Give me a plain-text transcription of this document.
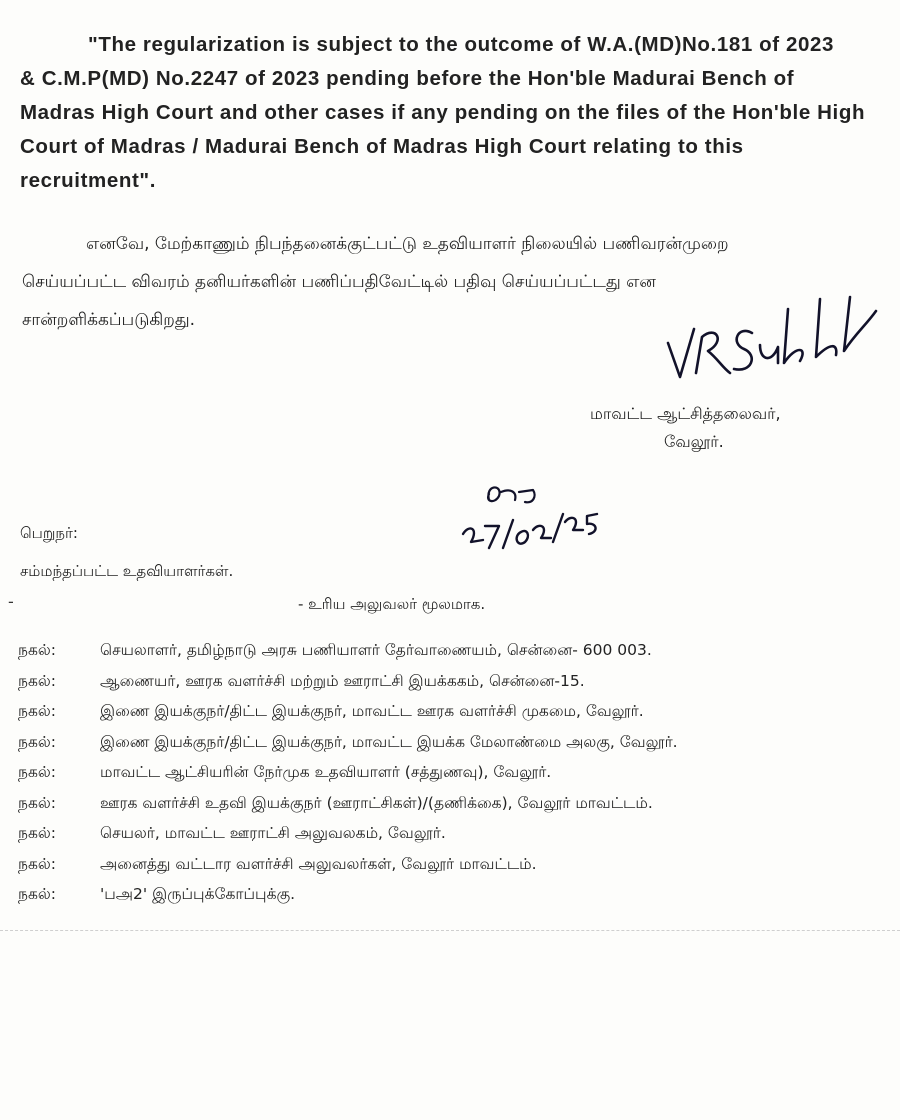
"The regularization is subject to the outcome of W.A.(MD)No.181 of 2023
& C.M.P(MD) No.2247 of 2023 pending before the Hon'ble Madurai Bench of
Madras High Court and other cases if any pending on the files of the Hon'ble High
Court of Madras / Madurai Bench of Madras High Court relating to this
recruitment".
எனவே, மேற்காணும் நிபந்தனைக்குட்பட்டு உதவியாளர் நிலையில் பணிவரன்முறை
செய்யப்பட்ட விவரம் தனியர்களின் பணிப்பதிவேட்டில் பதிவு செய்யப்பட்டது என
சான்றளிக்கப்படுகிறது.
மாவட்ட ஆட்சித்தலைவர்,
வேலூர்.
பெறுநர்:
சம்மந்தப்பட்ட உதவியாளர்கள்.
-	- உரிய அலுவலர் மூலமாக.
நகல்:	செயலாளர், தமிழ்நாடு அரசு பணியாளர் தேர்வாணையம், சென்னை- 600 003.
நகல்:	ஆணையர், ஊரக வளர்ச்சி மற்றும் ஊராட்சி இயக்ககம், சென்னை-15.
நகல்:	இணை இயக்குநர்/திட்ட இயக்குநர், மாவட்ட ஊரக வளர்ச்சி முகமை, வேலூர்.
நகல்:	இணை இயக்குநர்/திட்ட இயக்குநர், மாவட்ட இயக்க மேலாண்மை அலகு, வேலூர்.
நகல்:	மாவட்ட ஆட்சியரின் நேர்முக உதவியாளர் (சத்துணவு), வேலூர்.
நகல்:	ஊரக வளர்ச்சி உதவி இயக்குநர் (ஊராட்சிகள்)/(தணிக்கை), வேலூர் மாவட்டம்.
நகல்:	செயலர், மாவட்ட ஊராட்சி அலுவலகம், வேலூர்.
நகல்:	அனைத்து வட்டார வளர்ச்சி அலுவலர்கள், வேலூர் மாவட்டம்.
நகல்:	'பஅ2' இருப்புக்கோப்புக்கு.
